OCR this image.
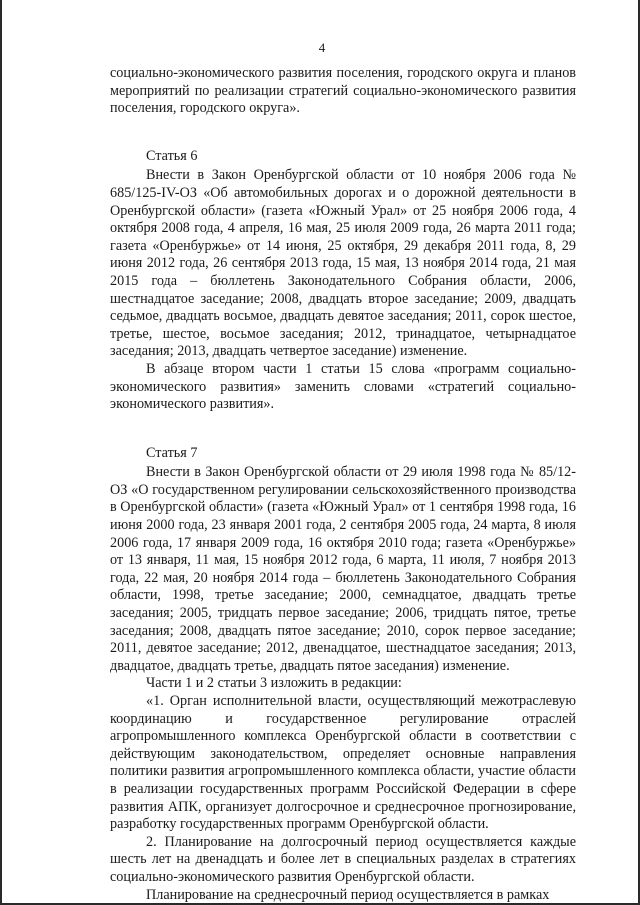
4

социально-экономического развития поселения, городского округа и планов мероприятий по реализации стратегий социально-экономического развития поселения, городского округа».

Статья 6

Внести в Закон Оренбургской области от 10 ноября 2006 года № 685/125-IV-ОЗ «Об автомобильных дорогах и о дорожной деятельности в Оренбургской области» (газета «Южный Урал» от 25 ноября 2006 года, 4 октября 2008 года, 4 апреля, 16 мая, 25 июля 2009 года, 26 марта 2011 года; газета «Оренбуржье» от 14 июня, 25 октября, 29 декабря 2011 года, 8, 29 июня 2012 года, 26 сентября 2013 года, 15 мая, 13 ноября 2014 года, 21 мая 2015 года – бюллетень Законодательного Собрания области, 2006, шестнадцатое заседание; 2008, двадцать второе заседание; 2009, двадцать седьмое, двадцать восьмое, двадцать девятое заседания; 2011, сорок шестое, третье, шестое, восьмое заседания; 2012, тринадцатое, четырнадцатое заседания; 2013, двадцать четвертое заседание) изменение.

В абзаце втором части 1 статьи 15 слова «программ социально-экономического развития» заменить словами «стратегий социально-экономического развития».

Статья 7

Внести в Закон Оренбургской области от 29 июля 1998 года № 85/12-ОЗ «О государственном регулировании сельскохозяйственного производства в Оренбургской области» (газета «Южный Урал» от 1 сентября 1998 года, 16 июня 2000 года, 23 января 2001 года, 2 сентября 2005 года, 24 марта, 8 июля 2006 года, 17 января 2009 года, 16 октября 2010 года; газета «Оренбуржье» от 13 января, 11 мая, 15 ноября 2012 года, 6 марта, 11 июля, 7 ноября 2013 года, 22 мая, 20 ноября 2014 года – бюллетень Законодательного Собрания области, 1998, третье заседание; 2000, семнадцатое, двадцать третье заседания; 2005, тридцать первое заседание; 2006, тридцать пятое, третье заседания; 2008, двадцать пятое заседание; 2010, сорок первое заседание; 2011, девятое заседание; 2012, двенадцатое, шестнадцатое заседания; 2013, двадцатое, двадцать третье, двадцать пятое заседания) изменение.

Части 1 и 2 статьи 3 изложить в редакции:

«1. Орган исполнительной власти, осуществляющий межотраслевую координацию и государственное регулирование отраслей агропромышленного комплекса Оренбургской области в соответствии с действующим законодательством, определяет основные направления политики развития агропромышленного комплекса области, участие области в реализации государственных программ Российской Федерации в сфере развития АПК, организует долгосрочное и среднесрочное прогнозирование, разработку государственных программ Оренбургской области.

2. Планирование на долгосрочный период осуществляется каждые шесть лет на двенадцать и более лет в специальных разделах в стратегиях социально-экономического развития Оренбургской области.

Планирование на среднесрочный период осуществляется в рамках
